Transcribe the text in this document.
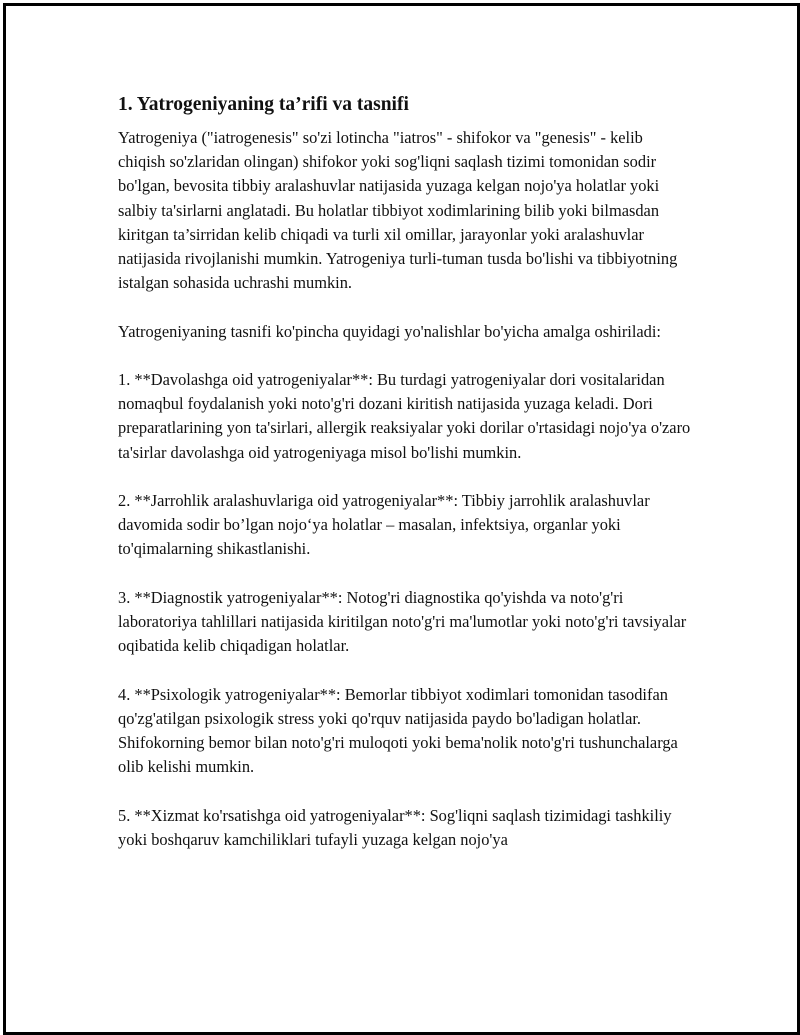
1. Yatrogeniyaning ta’rifi va tasnifi

Yatrogeniya ("iatrogenesis" so'zi lotincha "iatros" - shifokor va "genesis" - kelib chiqish so'zlaridan olingan) shifokor yoki sog'liqni saqlash tizimi tomonidan sodir bo'lgan, bevosita tibbiy aralashuvlar natijasida yuzaga kelgan nojo'ya holatlar yoki salbiy ta'sirlarni anglatadi. Bu holatlar tibbiyot xodimlarining bilib yoki bilmasdan kiritgan ta’sirridan kelib chiqadi va turli xil omillar, jarayonlar yoki aralashuvlar natijasida rivojlanishi mumkin. Yatrogeniya turli-tuman tusda bo'lishi va tibbiyotning istalgan sohasida uchrashi mumkin.

Yatrogeniyaning tasnifi ko'pincha quyidagi yo'nalishlar bo'yicha amalga oshiriladi:

1. **Davolashga oid yatrogeniyalar**: Bu turdagi yatrogeniyalar dori vositalaridan nomaqbul foydalanish yoki noto'g'ri dozani kiritish natijasida yuzaga keladi. Dori preparatlarining yon ta'sirlari, allergik reaksiyalar yoki dorilar o'rtasidagi nojo'ya o'zaro ta'sirlar davolashga oid yatrogeniyaga misol bo'lishi mumkin.

2. **Jarrohlik aralashuvlariga oid yatrogeniyalar**: Tibbiy jarrohlik aralashuvlar davomida sodir bo’lgan nojo‘ya holatlar – masalan, infektsiya, organlar yoki to'qimalarning shikastlanishi.

3. **Diagnostik yatrogeniyalar**: Notog'ri diagnostika qo'yishda va noto'g'ri laboratoriya tahlillari natijasida kiritilgan noto'g'ri ma'lumotlar yoki noto'g'ri tavsiyalar oqibatida kelib chiqadigan holatlar.

4. **Psixologik yatrogeniyalar**: Bemorlar tibbiyot xodimlari tomonidan tasodifan qo'zg'atilgan psixologik stress yoki qo'rquv natijasida paydo bo'ladigan holatlar. Shifokorning bemor bilan noto'g'ri muloqoti yoki bema'nolik noto'g'ri tushunchalarga olib kelishi mumkin.

5. **Xizmat ko'rsatishga oid yatrogeniyalar**: Sog'liqni saqlash tizimidagi tashkiliy yoki boshqaruv kamchiliklari tufayli yuzaga kelgan nojo'ya
